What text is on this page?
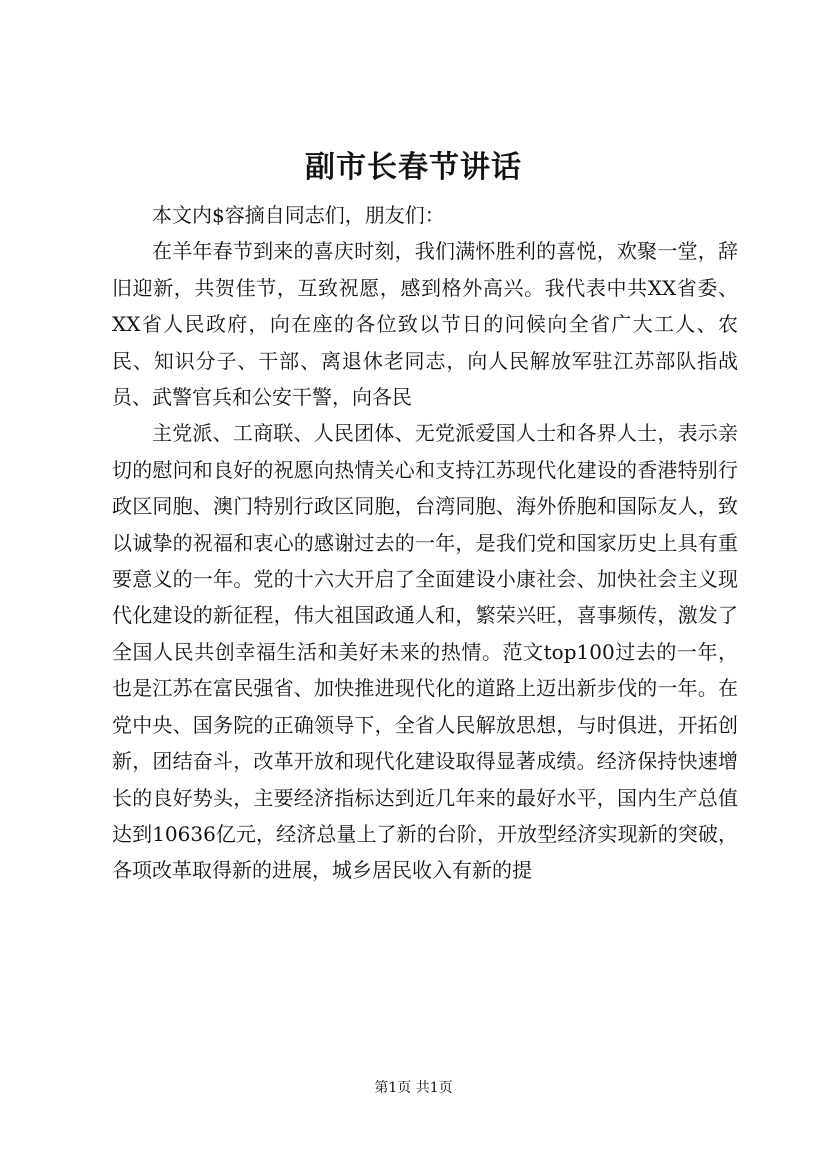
副市长春节讲话

本文内$容摘自同志们，朋友们：

在羊年春节到来的喜庆时刻，我们满怀胜利的喜悦，欢聚一堂，辞旧迎新，共贺佳节，互致祝愿，感到格外高兴。我代表中共XX省委、XX省人民政府，向在座的各位致以节日的问候向全省广大工人、农民、知识分子、干部、离退休老同志，向人民解放军驻江苏部队指战员、武警官兵和公安干警，向各民

主党派、工商联、人民团体、无党派爱国人士和各界人士，表示亲切的慰问和良好的祝愿向热情关心和支持江苏现代化建设的香港特别行政区同胞、澳门特别行政区同胞，台湾同胞、海外侨胞和国际友人，致以诚挚的祝福和衷心的感谢过去的一年，是我们党和国家历史上具有重要意义的一年。党的十六大开启了全面建设小康社会、加快社会主义现代化建设的新征程，伟大祖国政通人和，繁荣兴旺，喜事频传，激发了全国人民共创幸福生活和美好未来的热情。范文top100过去的一年，也是江苏在富民强省、加快推进现代化的道路上迈出新步伐的一年。在党中央、国务院的正确领导下，全省人民解放思想，与时俱进，开拓创新，团结奋斗，改革开放和现代化建设取得显著成绩。经济保持快速增长的良好势头，主要经济指标达到近几年来的最好水平，国内生产总值达到10636亿元，经济总量上了新的台阶，开放型经济实现新的突破，各项改革取得新的进展，城乡居民收入有新的提

第1页 共1页
